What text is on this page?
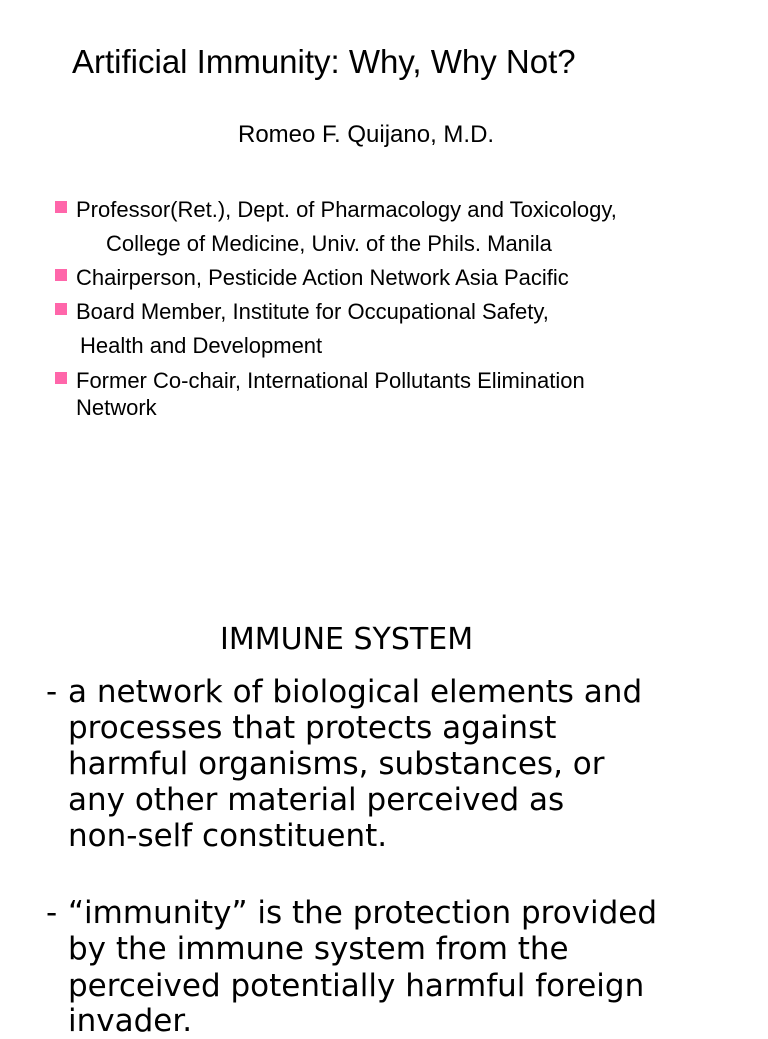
Artificial Immunity: Why, Why Not?
Romeo F. Quijano, M.D.
Professor(Ret.), Dept. of Pharmacology and Toxicology,
College of Medicine, Univ. of the Phils. Manila
Chairperson, Pesticide Action Network Asia Pacific
Board Member, Institute for Occupational Safety,
Health and Development
Former Co-chair, International Pollutants Elimination
Network
IMMUNE SYSTEM
- a network of biological elements and
processes that protects against
harmful organisms, substances, or
any other material perceived as
non-self constituent.
- “immunity” is the protection provided
by the immune system from the
perceived potentially harmful foreign
invader.
